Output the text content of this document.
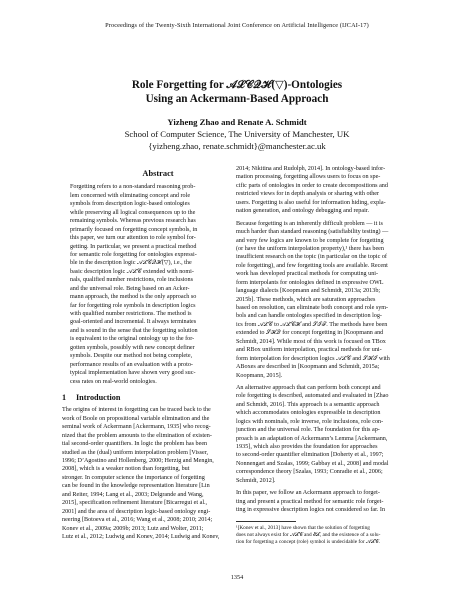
Proceedings of the Twenty-Sixth International Joint Conference on Artificial Intelligence (IJCAI-17)
Role Forgetting for 𝒜ℒ𝒞𝒬ℋ(▽)-Ontologies
Using an Ackermann-Based Approach
Yizheng Zhao and Renate A. Schmidt
School of Computer Science, The University of Manchester, UK
{yizheng.zhao, renate.schmidt}@manchester.ac.uk
Abstract
Forgetting refers to a non-standard reasoning prob-
lem concerned with eliminating concept and role
symbols from description logic-based ontologies
while preserving all logical consequences up to the
remaining symbols. Whereas previous research has
primarily focused on forgetting concept symbols, in
this paper, we turn our attention to role symbol for-
getting. In particular, we present a practical method
for semantic role forgetting for ontologies expressi-
ble in the description logic 𝒜ℒ𝒞𝒬ℋ(▽), i.e., the
basic description logic 𝒜ℒ𝒞 extended with nomi-
nals, qualified number restrictions, role inclusions
and the universal role. Being based on an Acker-
mann approach, the method is the only approach so
far for forgetting role symbols in description logics
with qualified number restrictions. The method is
goal-oriented and incremental. It always terminates
and is sound in the sense that the forgetting solution
is equivalent to the original ontology up to the for-
gotten symbols, possibly with new concept definer
symbols. Despite our method not being complete,
performance results of an evaluation with a proto-
typical implementation have shown very good suc-
cess rates on real-world ontologies.
1 Introduction
The origins of interest in forgetting can be traced back to the
work of Boole on propositional variable elimination and the
seminal work of Ackermann [Ackermann, 1935] who recog-
nized that the problem amounts to the elimination of existen-
tial second-order quantifiers. In logic the problem has been
studied as the (dual) uniform interpolation problem [Visser,
1996; D’Agostino and Hollenberg, 2000; Herzig and Mengin,
2008], which is a weaker notion than forgetting, but
stronger. In computer science the importance of forgetting
can be found in the knowledge representation literature [Lin
and Reiter, 1994; Lang et al., 2003; Delgrande and Wang,
2015], specification refinement literature [Bicarregui et al.,
2001] and the area of description logic-based ontology engi-
neering [Botoeva et al., 2016; Wang et al., 2008; 2010; 2014;
Konev et al., 2009a; 2009b; 2013; Lutz and Wolter, 2011;
Lutz et al., 2012; Ludwig and Konev, 2014; Ludwig and Konev,
2014; Nikitina and Rudolph, 2014]. In ontology-based infor-
mation processing, forgetting allows users to focus on spe-
cific parts of ontologies in order to create decompositions and
restricted views for in depth analysis or sharing with other
users. Forgetting is also useful for information hiding, expla-
nation generation, and ontology debugging and repair.
Because forgetting is an inherently difficult problem — it is
much harder than standard reasoning (satisfiability testing) —
and very few logics are known to be complete for forgetting
(or have the uniform interpolation property),¹ there has been
insufficient research on the topic (in particular on the topic of
role forgetting), and few forgetting tools are available. Recent
work has developed practical methods for computing uni-
form interpolants for ontologies defined in expressive OWL
language dialects [Koopmann and Schmidt, 2013a; 2013b;
2015b]. These methods, which are saturation approaches
based on resolution, can eliminate both concept and role sym-
bols and can handle ontologies specified in description log-
ics from 𝒜ℒ𝒞 to 𝒜ℒ𝒞ℋ and 𝒮ℐℱ. The methods have been
extended to 𝒮ℋ𝒬 for concept forgetting in [Koopmann and
Schmidt, 2014]. While most of this work is focused on TBox
and RBox uniform interpolation, practical methods for uni-
form interpolation for description logics 𝒜ℒ𝒞 and 𝒮ℋℐ with
ABoxes are described in [Koopmann and Schmidt, 2015a;
Koopmann, 2015].
An alternative approach that can perform both concept and
role forgetting is described, automated and evaluated in [Zhao
and Schmidt, 2016]. This approach is a semantic approach
which accommodates ontologies expressible in description
logics with nominals, role inverse, role inclusions, role con-
junction and the universal role. The foundation for this ap-
proach is an adaptation of Ackermann’s Lemma [Ackermann,
1935], which also provides the foundation for approaches
to second-order quantifier elimination [Doherty et al., 1997;
Nonnengart and Szalas, 1999; Gabbay et al., 2008] and modal
correspondence theory [Szalas, 1993; Conradie et al., 2006;
Schmidt, 2012].
In this paper, we follow an Ackermann approach to forget-
ting and present a practical method for semantic role forget-
ting in expressive description logics not considered so far. In
¹[Konev et al., 2013] have shown that the solution of forgetting
does not always exist for 𝒜ℒ𝒞 and ℰℒ, and the existence of a solu-
tion for forgetting a concept (role) symbol is undecidable for 𝒜ℒ𝒞.
1354
